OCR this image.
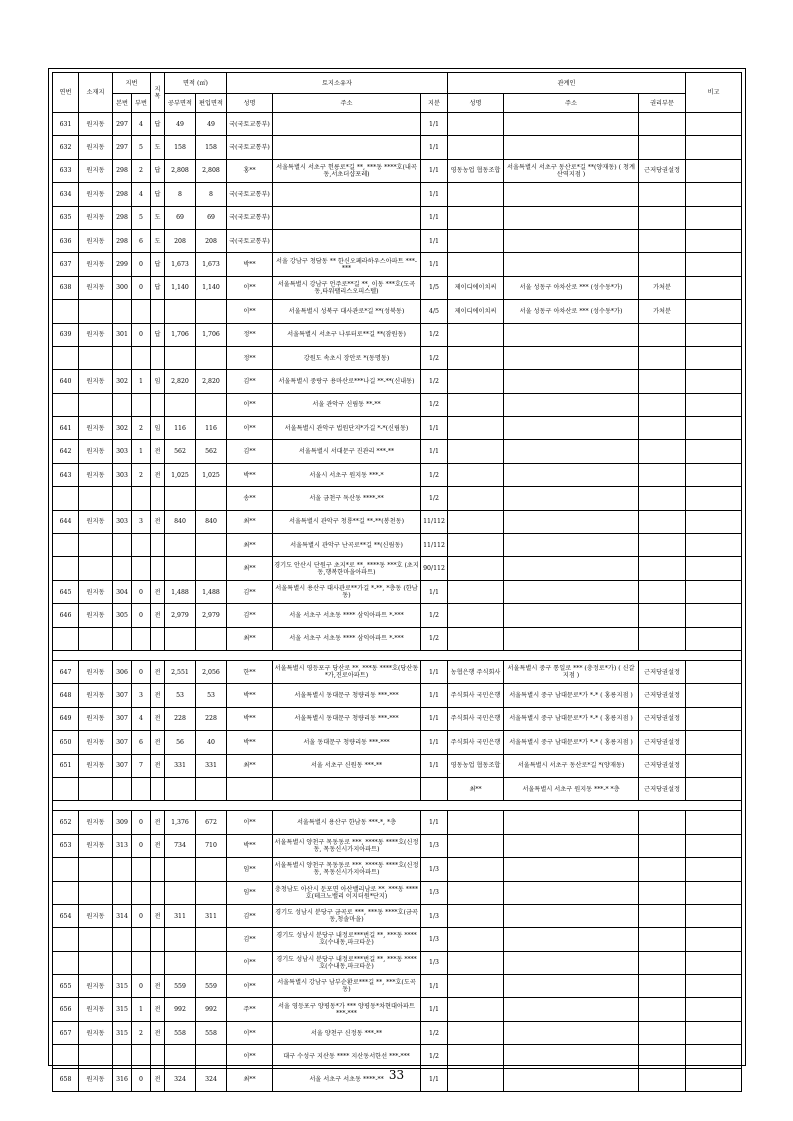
연번	소재지	지번		지목	면적 (㎡)		토지소유자			관계인			비고
		본번	부번		공부면적	편입면적	성명	주소	지분	성명	주소	권리부문	
631	원지동	297	4	답	49	49	국(국토교통부)		1/1				
632	원지동	297	5	도	158	158	국(국토교통부)		1/1				
633	원지동	298	2	답	2,808	2,808	홍**	서울특별시 서초구 헌릉로*길 **, ***동 ****호(내곡동,서초더샵포레)	1/1	영동농업 협동조합	서울특별시 서초구 동산로*길 **(양재동) ( 청계산역지점 )	근저당권설정	
634	원지동	298	4	답	8	8	국(국토교통부)		1/1				
635	원지동	298	5	도	69	69	국(국토교통부)		1/1				
636	원지동	298	6	도	208	208	국(국토교통부)		1/1				
637	원지동	299	0	답	1,673	1,673	박**	서울 강남구 청담동 ** 한신오페라하우스아파트 ***-***	1/1				
638	원지동	300	0	답	1,140	1,140	이**	서울특별시 강남구 언주로**길 **, 이동 ***호(도곡동,타워팰리스오피스텔)	1/5	제이디에이치씨	서울 성동구 아차산로 *** (성수동*가)	가처분	
							이**	서울특별시 성북구 대사관로*길 **(성북동)	4/5	제이디에이치씨	서울 성동구 아차산로 *** (성수동*가)	가처분	
639	원지동	301	0	답	1,706	1,706	정**	서울특별시 서초구 나루터로**길 **(잠원동)	1/2				
							정**	강원도 속초시 장안로 *(동명동)	1/2				
640	원지동	302	1	임	2,820	2,820	김**	서울특별시 중랑구 용마산로***나길 **-**(신내동)	1/2				
							이**	서울 관악구 신림동 **-**	1/2				
641	원지동	302	2	임	116	116	이**	서울특별시 관악구 법원단지*가길 *-*(신림동)	1/1				
642	원지동	303	1	전	562	562	김**	서울특별시 서대문구 진관리 ***-**	1/1				
643	원지동	303	2	전	1,025	1,025	박**	서울시 서초구 원지동 ***-*	1/2				
							송**	서울 금천구 독산동 ****-**	1/2				
644	원지동	303	3	전	840	840	최**	서울특별시 관악구 청룡**길 **-**(봉천동)	11/112				
							최**	서울특별시 관악구 난곡로**길 **(신림동)	11/112				
							최**	경기도 안산시 단원구 초지*로 **, ****동 ***호 (초지동,행복한마을아파트)	90/112				
645	원지동	304	0	전	1,488	1,488	김**	서울특별시 용산구 대사관로**가길 *-**, *층동 (한남동)	1/1				
646	원지동	305	0	전	2,979	2,979	김**	서울 서초구 서초동 **** 삼익아파트 *-***	1/2				
							최**	서울 서초구 서초동 **** 삼익아파트 *-***	1/2				

647	원지동	306	0	전	2,551	2,056	한**	서울특별시 영등포구 당산로 **, ***동 ****호(당산동*가,진로아파트)	1/1	농협은행 주식회사	서울특별시 중구 통일로 *** (충정로*가) ( 신갈지점 )	근저당권설정	
648	원지동	307	3	전	53	53	박**	서울특별시 동대문구 청량리동 ***-***	1/1	주식회사 국민은행	서울특별시 중구 남대문로*가 *-* ( 홍릉지점 )	근저당권설정	
649	원지동	307	4	전	228	228	박**	서울특별시 동대문구 청량리동 ***-***	1/1	주식회사 국민은행	서울특별시 중구 남대문로*가 *-* ( 홍릉지점 )	근저당권설정	
650	원지동	307	6	전	56	40	박**	서울 동대문구 청량리동 ***-***	1/1	주식회사 국민은행	서울특별시 중구 남대문로*가 *-* ( 홍릉지점 )	근저당권설정	
651	원지동	307	7	전	331	331	최**	서울 서초구 신원동 ***-**	1/1	영동농업 협동조합	서울특별시 서초구 동산로*길 *(양재동)	근저당권설정	
										최**	서울특별시 서초구 원지동 ***-* *층	근저당권설정	

652	원지동	309	0	전	1,376	672	이**	서울특별시 용산구 한남동 ***-*, *층	1/1				
653	원지동	313	0	전	734	710	박**	서울특별시 양천구 목동동로 ***, ****동 ****호(신정동, 목동신시가지아파트)	1/3				
							임**	서울특별시 양천구 목동동로 ***, ****동 ****호(신정동, 목동신시가지아파트)	1/3				
							임**	충청남도 아산시 둔포면 아산밸리남로 **, ***동 ****호(테크노밸리 이지더원*단지)	1/3				
654	원지동	314	0	전	311	311	김**	경기도 성남시 분당구 금곡로 ***, ***동 ****호(금곡동,청솔마을)	1/3				
							김**	경기도 성남시 분당구 내정로***번길 **, ***동 ****호(수내동,파크타운)	1/3				
							이**	경기도 성남시 분당구 내정로***번길 **, ***동 ****호(수내동,파크타운)	1/3				
655	원지동	315	0	전	559	559	이**	서울특별시 강남구 남부순환로***길 **, ***호(도곡동)	1/1				
656	원지동	315	1	전	992	992	주**	서울 영등포구 양평동*가 *** 양평동*차현대아파트 ***-***	1/1				
657	원지동	315	2	전	558	558	이**	서울 양천구 신정동 ***-**	1/2				
							이**	대구 수성구 지산동 **** 지산동서한선 ***-***	1/2				
658	원지동	316	0	전	324	324	최**	서울 서초구 서초동 ****-**	1/1				
33
